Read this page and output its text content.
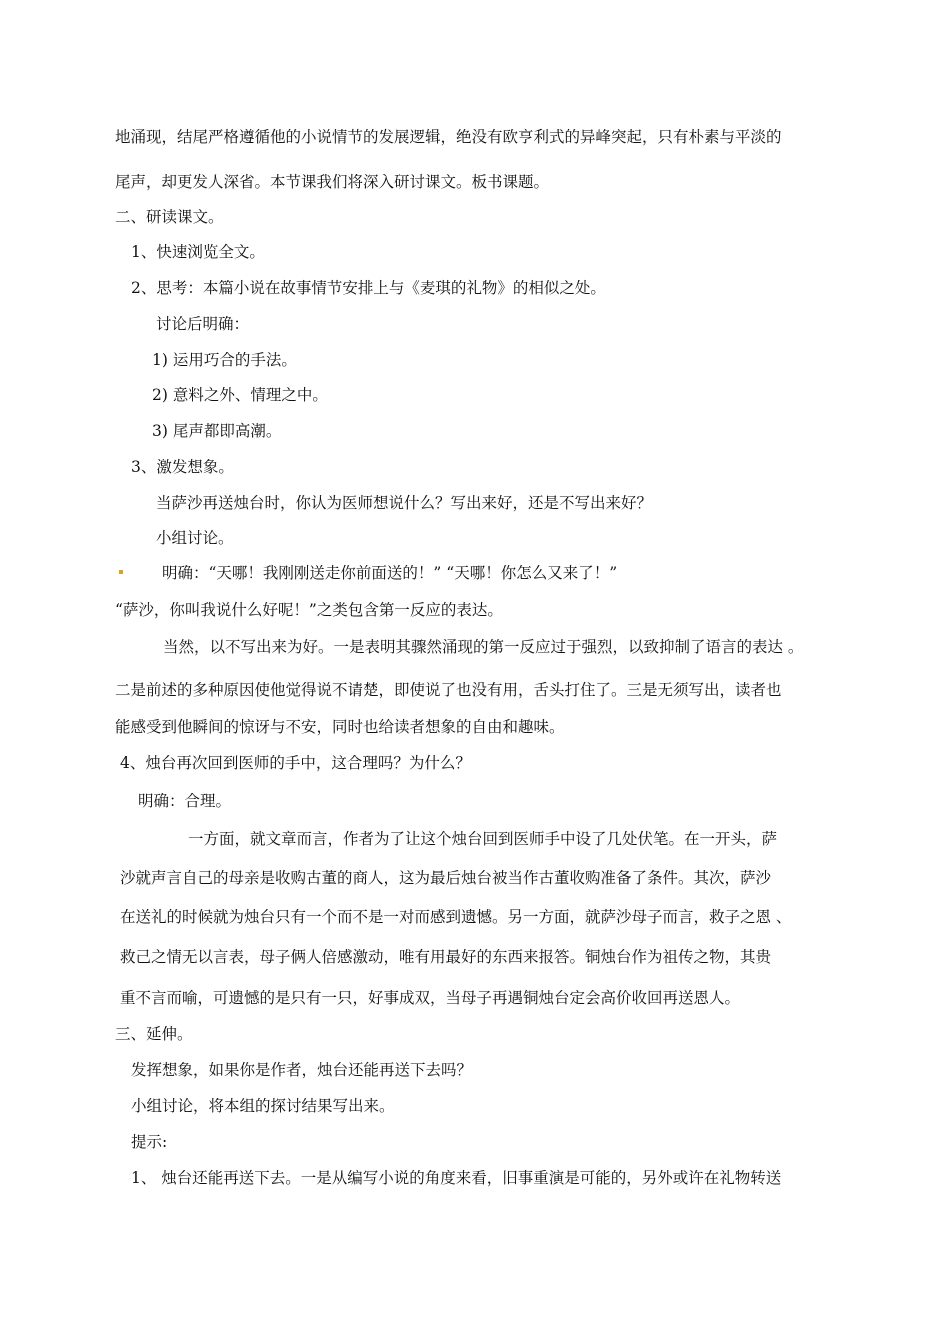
地涌现，结尾严格遵循他的小说情节的发展逻辑，绝没有欧亨利式的异峰突起，只有朴素与平淡的
尾声，却更发人深省。本节课我们将深入研讨课文。板书课题。
二、研读课文。
1、快速浏览全文。
2、思考：本篇小说在故事情节安排上与《麦琪的礼物》的相似之处。
讨论后明确：
1) 运用巧合的手法。
2) 意料之外、情理之中。
3) 尾声都即高潮。
3、激发想象。
当萨沙再送烛台时，你认为医师想说什么？写出来好，还是不写出来好？
小组讨论。
明确：“天哪！我刚刚送走你前面送的！” “天哪！你怎么又来了！”
“萨沙，你叫我说什么好呢！”之类包含第一反应的表达。
当然，以不写出来为好。一是表明其骤然涌现的第一反应过于强烈，以致抑制了语言的表达 。
二是前述的多种原因使他觉得说不请楚，即使说了也没有用，舌头打住了。三是无须写出，读者也
能感受到他瞬间的惊讶与不安，同时也给读者想象的自由和趣味。
4、烛台再次回到医师的手中，这合理吗？为什么？
明确：合理。
一方面，就文章而言，作者为了让这个烛台回到医师手中设了几处伏笔。在一开头，萨
沙就声言自己的母亲是收购古董的商人，这为最后烛台被当作古董收购准备了条件。其次，萨沙
在送礼的时候就为烛台只有一个而不是一对而感到遗憾。另一方面，就萨沙母子而言，救子之恩 、
救己之情无以言表，母子俩人倍感激动，唯有用最好的东西来报答。铜烛台作为祖传之物，其贵
重不言而喻，可遗憾的是只有一只，好事成双，当母子再遇铜烛台定会高价收回再送恩人。
三、延伸。
发挥想象，如果你是作者，烛台还能再送下去吗？
小组讨论，将本组的探讨结果写出来。
提示:
1、 烛台还能再送下去。一是从编写小说的角度来看，旧事重演是可能的，另外或许在礼物转送
